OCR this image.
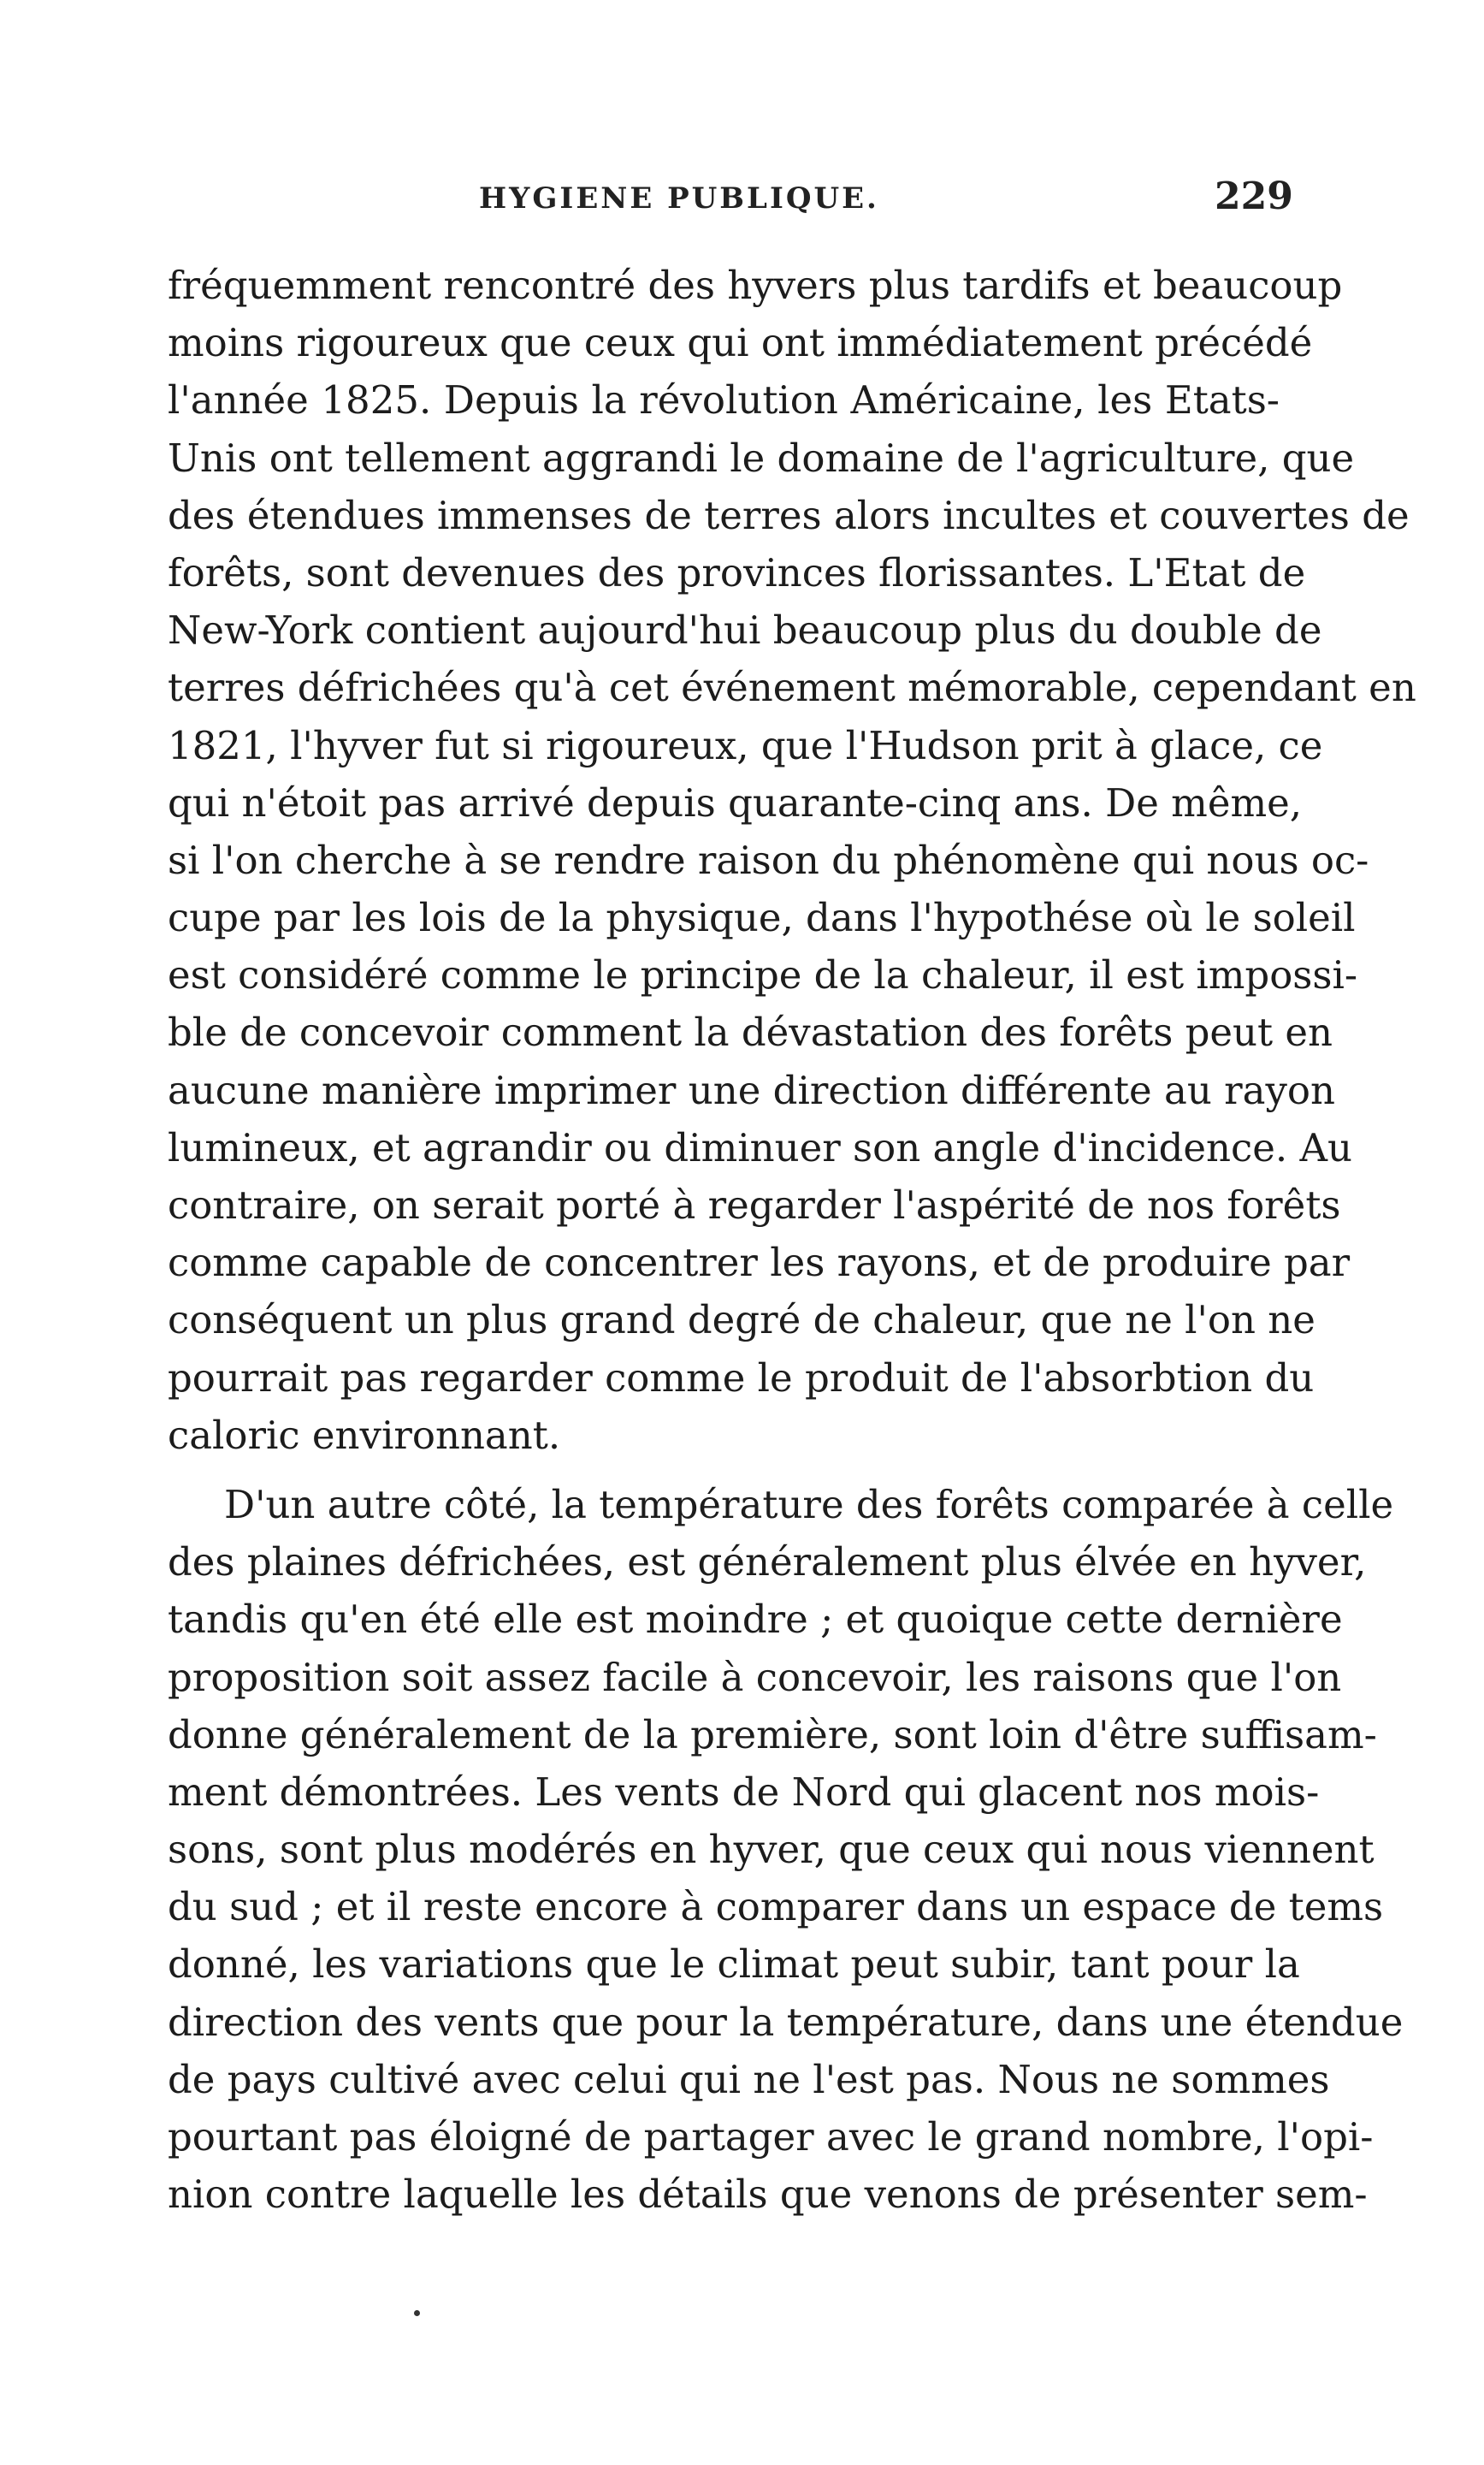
HYGIENE PUBLIQUE.	229
fréquemment rencontré des hyvers plus tardifs et beaucoup
moins rigoureux que ceux qui ont immédiatement précédé
l'année 1825. Depuis la révolution Américaine, les Etats-
Unis ont tellement aggrandi le domaine de l'agriculture, que
des étendues immenses de terres alors incultes et couvertes de
forêts, sont devenues des provinces florissantes. L'Etat de
New-York contient aujourd'hui beaucoup plus du double de
terres défrichées qu'à cet événement mémorable, cependant en
1821, l'hyver fut si rigoureux, que l'Hudson prit à glace, ce
qui n'étoit pas arrivé depuis quarante-cinq ans. De même,
si l'on cherche à se rendre raison du phénomène qui nous oc-
cupe par les lois de la physique, dans l'hypothése où le soleil
est considéré comme le principe de la chaleur, il est impossi-
ble de concevoir comment la dévastation des forêts peut en
aucune manière imprimer une direction différente au rayon
lumineux, et agrandir ou diminuer son angle d'incidence. Au
contraire, on serait porté à regarder l'aspérité de nos forêts
comme capable de concentrer les rayons, et de produire par
conséquent un plus grand degré de chaleur, que ne l'on ne
pourrait pas regarder comme le produit de l'absorbtion du
caloric environnant.
D'un autre côté, la température des forêts comparée à celle
des plaines défrichées, est généralement plus élvée en hyver,
tandis qu'en été elle est moindre ; et quoique cette dernière
proposition soit assez facile à concevoir, les raisons que l'on
donne généralement de la première, sont loin d'être suffisam-
ment démontrées. Les vents de Nord qui glacent nos mois-
sons, sont plus modérés en hyver, que ceux qui nous viennent
du sud ; et il reste encore à comparer dans un espace de tems
donné, les variations que le climat peut subir, tant pour la
direction des vents que pour la température, dans une étendue
de pays cultivé avec celui qui ne l'est pas. Nous ne sommes
pourtant pas éloigné de partager avec le grand nombre, l'opi-
nion contre laquelle les détails que venons de présenter sem-
